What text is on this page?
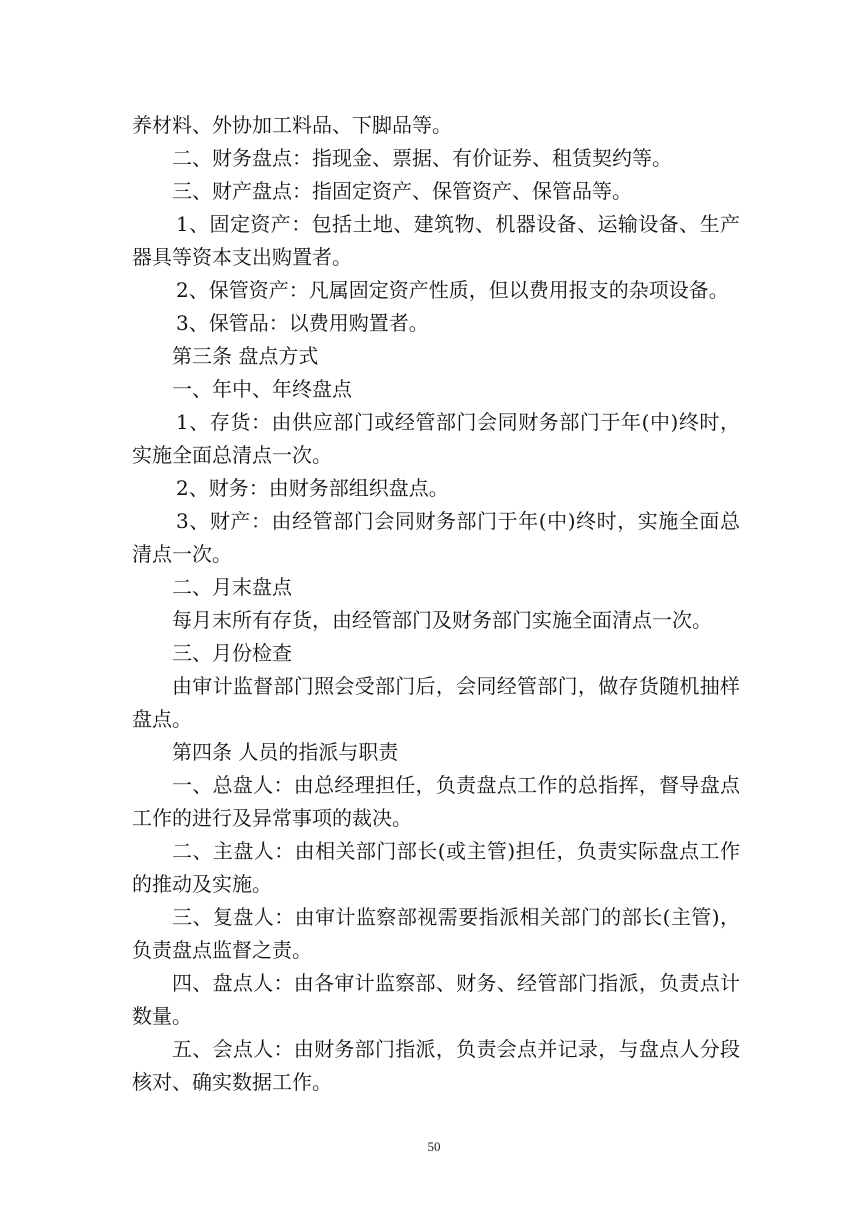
养材料、外协加工料品、下脚品等。

二、财务盘点：指现金、票据、有价证券、租赁契约等。

三、财产盘点：指固定资产、保管资产、保管品等。

1、固定资产：包括土地、建筑物、机器设备、运输设备、生产器具等资本支出购置者。

2、保管资产：凡属固定资产性质，但以费用报支的杂项设备。

3、保管品：以费用购置者。

第三条 盘点方式

一、年中、年终盘点

1、存货：由供应部门或经管部门会同财务部门于年(中)终时，实施全面总清点一次。

2、财务：由财务部组织盘点。

3、财产：由经管部门会同财务部门于年(中)终时，实施全面总清点一次。

二、月末盘点

每月末所有存货，由经管部门及财务部门实施全面清点一次。

三、月份检查

由审计监督部门照会受部门后，会同经管部门，做存货随机抽样盘点。

第四条 人员的指派与职责

一、总盘人：由总经理担任，负责盘点工作的总指挥，督导盘点工作的进行及异常事项的裁决。

二、主盘人：由相关部门部长(或主管)担任，负责实际盘点工作的推动及实施。

三、复盘人：由审计监察部视需要指派相关部门的部长(主管)，负责盘点监督之责。

四、盘点人：由各审计监察部、财务、经管部门指派，负责点计数量。

五、会点人：由财务部门指派，负责会点并记录，与盘点人分段核对、确实数据工作。

50
